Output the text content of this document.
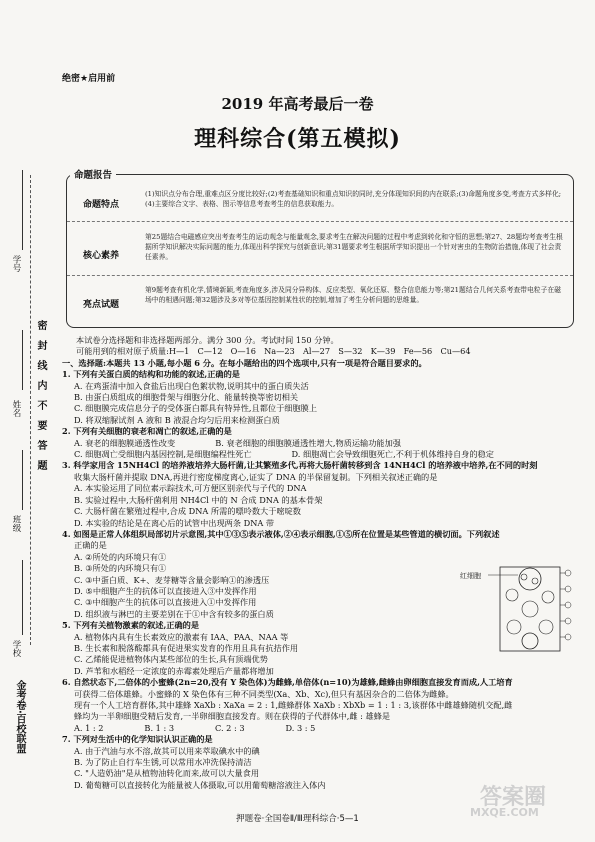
学号
姓名
班级
学校
密　封　线　内　不　要　答　题
金考卷·百校联盟
绝密★启用前
2019 年高考最后一卷
理科综合(第五模拟)
命题特点
(1)知识点分布合理,重难点区分度比较好;(2)考查基础知识和重点知识的同时,充分体现知识间的内在联系;(3)命题角度多变,考查方式多样化;(4)主要综合文字、表格、图示等信息考查考生的信息获取能力。
核心素养
第25题结合电磁感应突出考查考生的运动观念与能量观念,要求考生在解决问题的过程中考虑到转化和守恒的思想;第27、28题均考查考生根据所学知识解决实际问题的能力,体现出科学探究与创新意识;第31题要求考生根据所学知识提出一个针对害虫的生物防治措施,体现了社会责任素养。
亮点试题
第9题考查有机化学,情境新颖,考查角度多,涉及同分异构体、反应类型、氧化还原、整合信息能力等;第21题结合几何关系考查带电粒子在磁场中的相遇问题;第32题涉及多对等位基因控制某性状的控制,增加了考生分析问题的思维量。
命题报告

本试卷分选择题和非选择题两部分。满分 300 分。考试时间 150 分钟。

可能用到的相对原子质量:H—1　C—12　O—16　Na—23　Al—27　S—32　K—39　Fe—56　Cu—64

一、选择题:本题共 13 小题,每小题 6 分。在每小题给出的四个选项中,只有一项是符合题目要求的。

1. 下列有关蛋白质的结构和功能的叙述,正确的是

A. 在鸡蛋清中加入食盐后出现白色絮状物,说明其中的蛋白质失活

B. 由蛋白质组成的细胞骨架与细胞分化、能量转换等密切相关

C. 细胞膜完成信息分子的受体蛋白都具有特异性,且都位于细胞膜上

D. 将双缩脲试剂 A 液和 B 液混合均匀后用来检测蛋白质

2. 下列有关细胞的衰老和凋亡的叙述,正确的是

A. 衰老的细胞膜通透性改变	B. 衰老细胞的细胞膜通透性增大,物质运输功能加强

C. 细胞凋亡受细胞内基因控制,是细胞编程性死亡	D. 细胞凋亡会导致细胞死亡,不利于机体维持自身的稳定

3. 科学家用含 15NH4Cl 的培养液培养大肠杆菌,让其繁殖多代,再将大肠杆菌转移到含 14NH4Cl 的培养液中培养,在不同的时刻

收集大肠杆菌并提取 DNA,再进行密度梯度离心,证实了 DNA 的半保留复制。下列相关叙述正确的是

A. 本实验运用了同位素示踪技术,可方便区别亲代与子代的 DNA

B. 实验过程中,大肠杆菌利用 NH4Cl 中的 N 合成 DNA 的基本骨架

C. 大肠杆菌在繁殖过程中,合成 DNA 所需的嘌呤数大于嘧啶数

D. 本实验的结论是在离心后的试管中出现两条 DNA 带

4. 如图是正常人体组织局部切片示意图,其中①③⑤表示液体,②④表示细胞,①⑤所在位置是某些管道的横切面。下列叙述

正确的是

A. ②所处的内环境只有①

B. ③所处的内环境只有①

C. ③中蛋白质、K+、麦芽糖等含量会影响①的渗透压

D. ⑤中细胞产生的抗体可以直接进入③中发挥作用

C. ③中细胞产生的抗体可以直接进入①中发挥作用

D. 组织液与淋巴的主要差别在于①中含有较多的蛋白质

5. 下列有关植物激素的叙述,正确的是

A. 植物体内具有生长素效应的激素有 IAA、PAA、NAA 等

B. 生长素和脱落酸都具有促进果实发育的作用且具有抗拮作用

C. 乙烯能促进植物体内某些部位的生长,具有顶端优势

D. 芦苇和水稻经一定浓度的赤霉素处理后产量都将增加

6. 自然状态下,二倍体的小蜜蜂(2n=20,没有 Y 染色体)为雌蜂,单倍体(n=10)为雄蜂,雌蜂由卵细胞直接发育而成,人工培育

可获得二倍体雄蜂。小蜜蜂的 X 染色体有三种不同类型(Xa、Xb、Xc),但只有基因杂合的二倍体为雌蜂。

现有一个人工培育群体,其中雄蜂 XaXb : XaXa = 2 : 1,雌蜂群体 XaXb : XbXb = 1 : 1 : 3,该群体中雌雄蜂随机交配,雌

蜂均为一半卵细胞受精后发育,一半卵细胞直接发育。则在获得的子代群体中,雌 : 雄蜂是

A. 1 : 2　　　　　B. 1 : 3　　　　　C. 2 : 3　　　　　D. 3 : 5

7. 下列对生活中的化学知识认识正确的是

A. 由于汽油与水不溶,故其可以用来萃取碘水中的碘

B. 为了防止自行车生锈,可以常用水冲洗保持清洁

C. "人造奶油"是从植物油转化而来,故可以大量食用

D. 葡萄糖可以直接转化为能量被人体摄取,可以用葡萄糖溶液注入体内

红细胞
押题卷·全国卷Ⅱ/Ⅲ理科综合·5—1
答案圈
MXQE.COM
